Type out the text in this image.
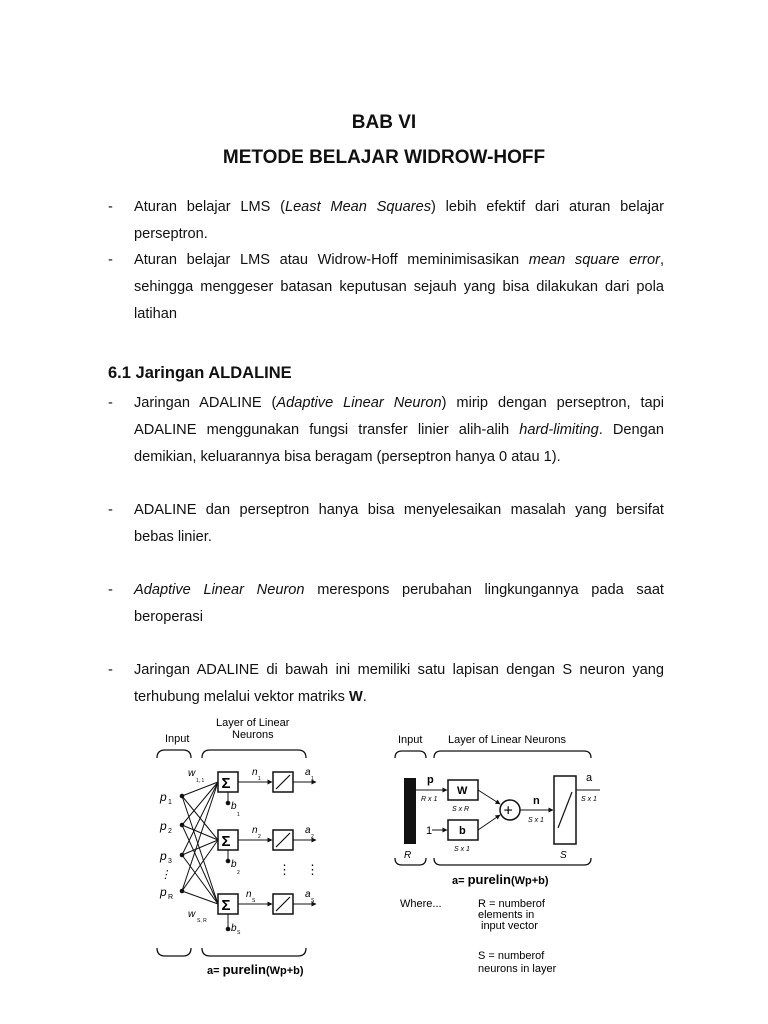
BAB VI
METODE BELAJAR WIDROW-HOFF
- Aturan belajar LMS (Least Mean Squares) lebih efektif dari aturan belajar perseptron.
- Aturan belajar LMS atau Widrow-Hoff meminimisasikan mean square error, sehingga menggeser batasan keputusan sejauh yang bisa dilakukan dari pola latihan
6.1 Jaringan ALDALINE
- Jaringan ADALINE (Adaptive Linear Neuron) mirip dengan perseptron, tapi ADALINE menggunakan fungsi transfer linier alih-alih hard-limiting. Dengan demikian, keluarannya bisa beragam (perseptron hanya 0 atau 1).
- ADALINE dan perseptron hanya bisa menyelesaikan masalah yang bersifat bebas linier.
- Adaptive Linear Neuron merespons perubahan lingkungannya pada saat beroperasi
- Jaringan ADALINE di bawah ini memiliki satu lapisan dengan S neuron yang terhubung melalui vektor matriks W.
Input
Layer of Linear
Neurons
p 1
p 2
p 3
⋮
p R
w
1, 1
w
S, R
Σ
n
1
a
1
b
1
Σ
n
2
a
2
b
2	⋮ ⋮
Σ
n
S
a
S
b S
a= purelin(Wp+b)
Input Layer of Linear Neurons
R
p
R x 1
W
S x R
1 b
S x 1
+
n
S x 1
S
a
S x 1
a= purelin(Wp+b)
Where...	R = numberof
elements in
input vector
S = numberof
neurons in layer
